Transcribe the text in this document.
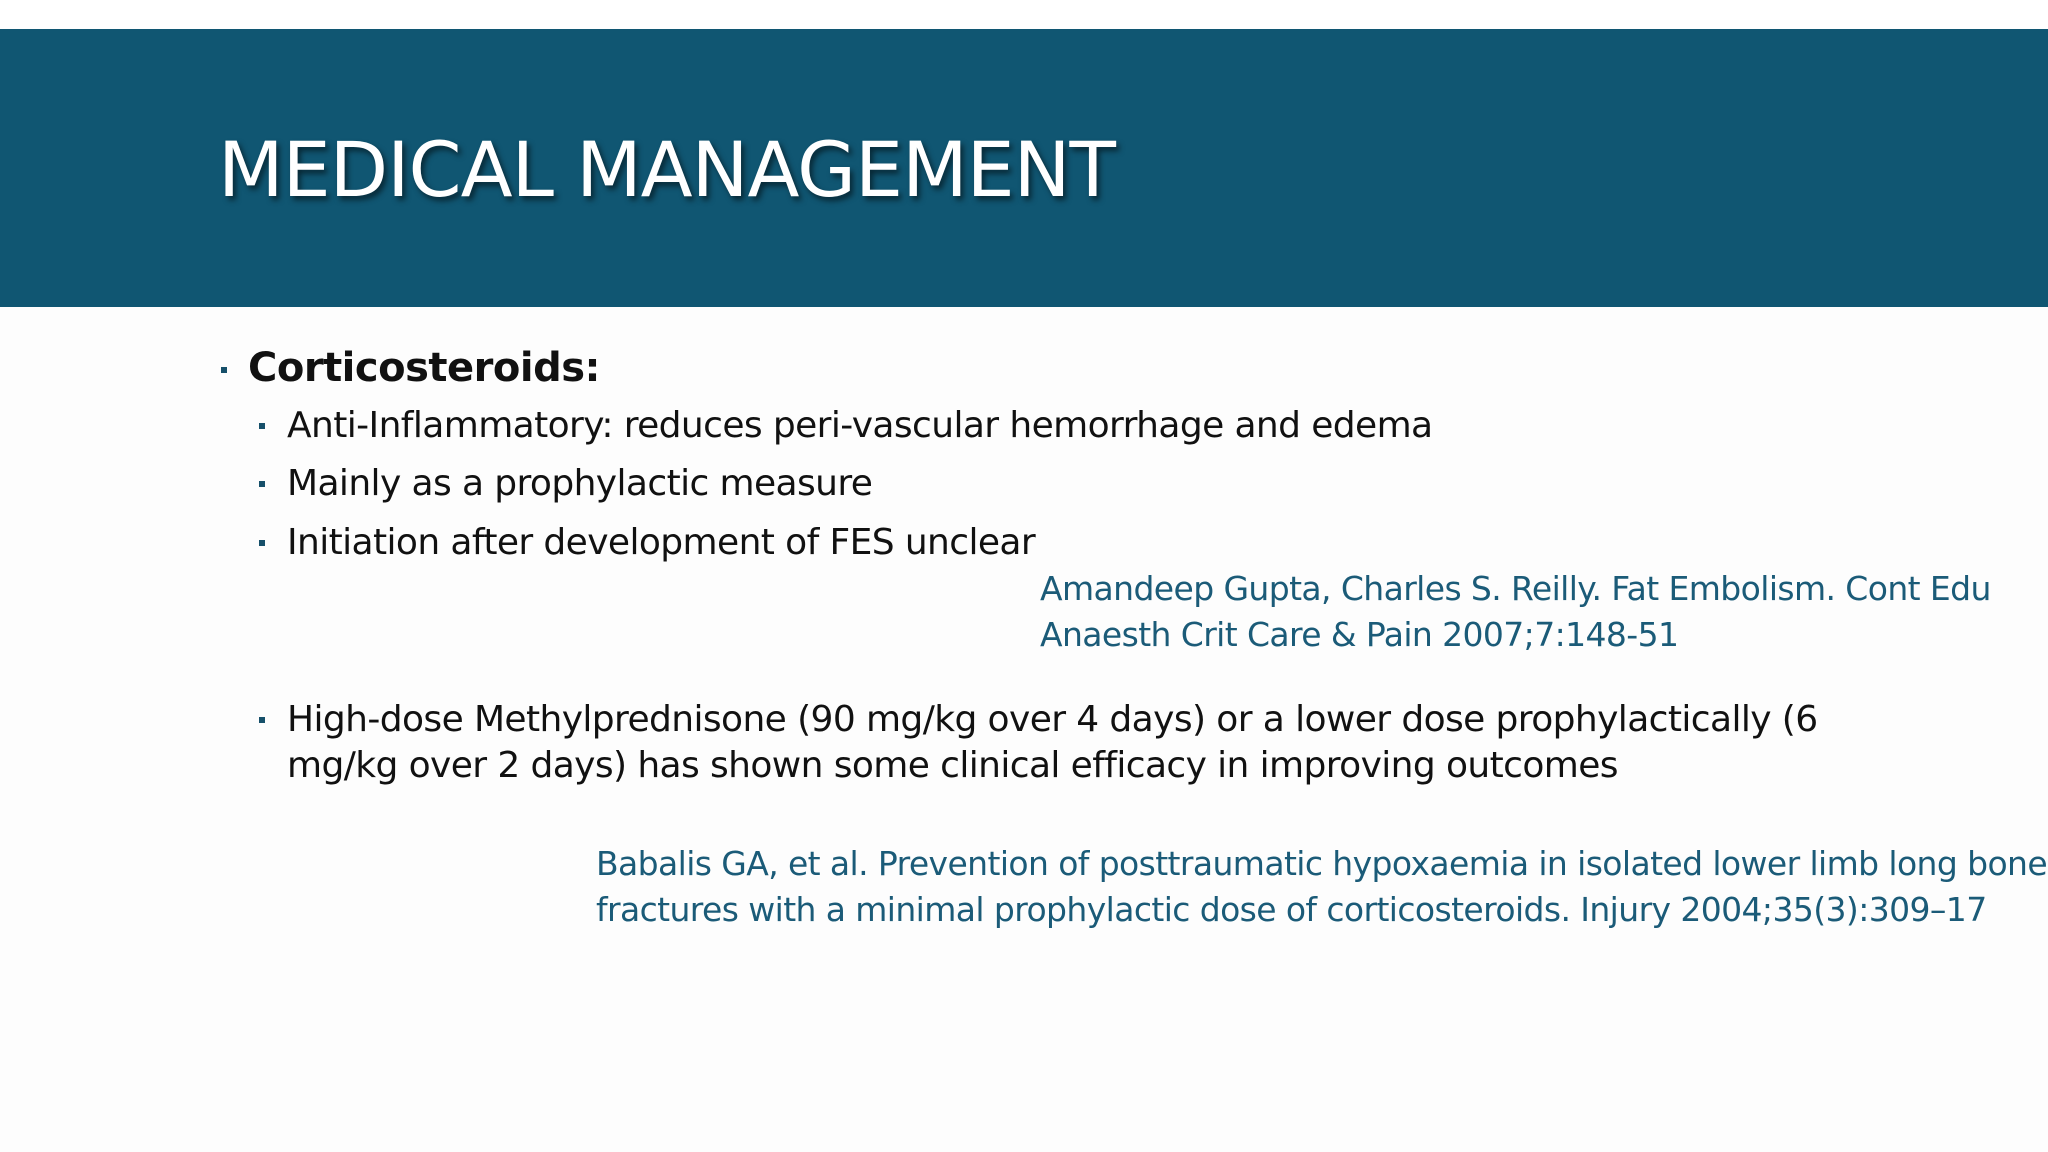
MEDICAL MANAGEMENT
Corticosteroids:
Anti-Inflammatory: reduces peri-vascular hemorrhage and edema
Mainly as a prophylactic measure
Initiation after development of FES unclear
High-dose Methylprednisone (90 mg/kg over 4 days) or a lower dose prophylactically (6 mg/kg over 2 days) has shown some clinical efficacy in improving outcomes

Amandeep Gupta, Charles S. Reilly. Fat Embolism. Cont Edu
Anaesth Crit Care & Pain 2007;7:148-51

Babalis GA, et al. Prevention of posttraumatic hypoxaemia in isolated lower limb long bone
fractures with a minimal prophylactic dose of corticosteroids. Injury 2004;35(3):309–17
